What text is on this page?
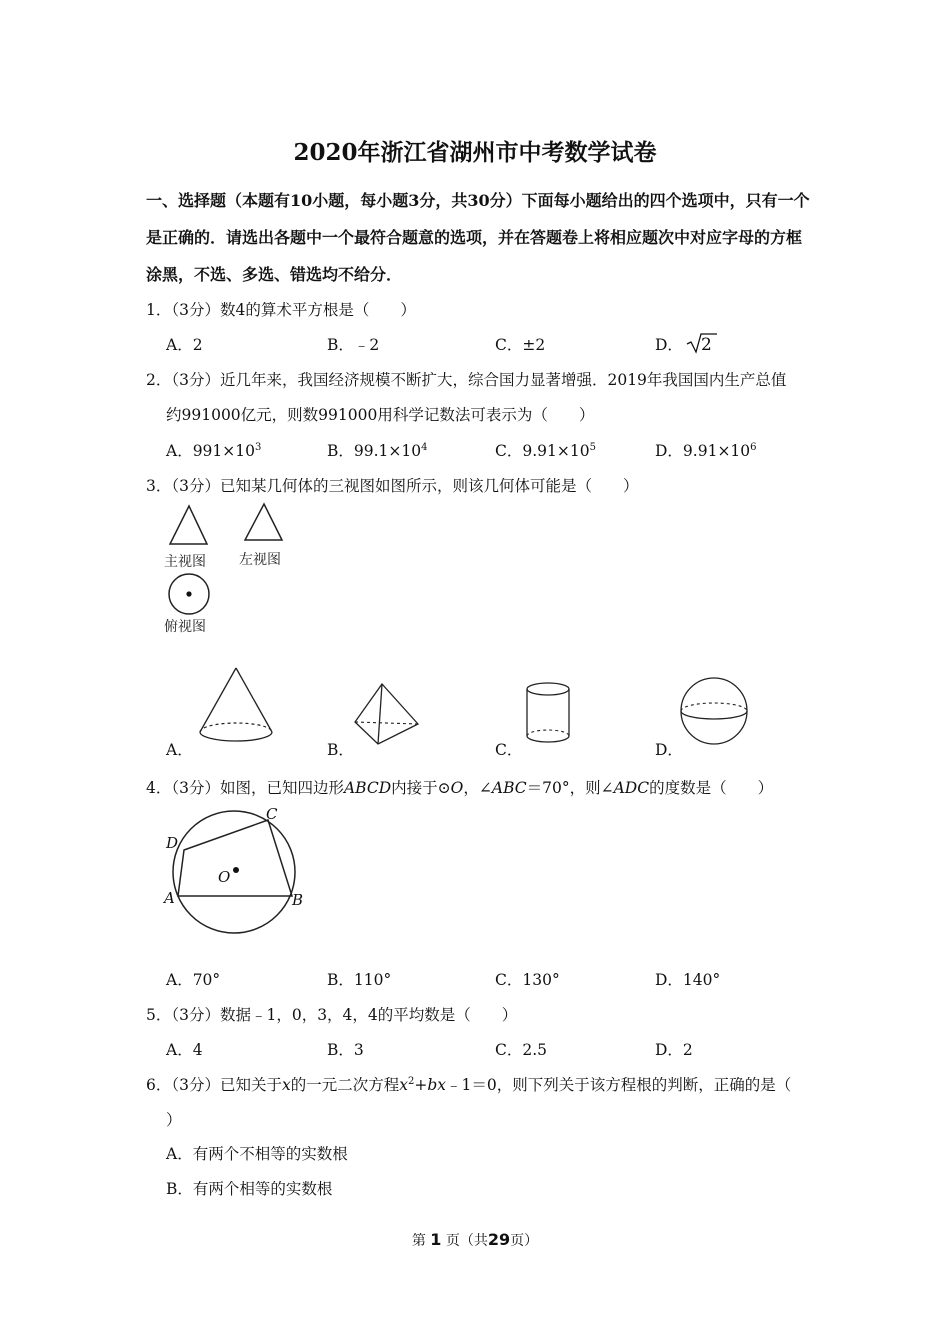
2020年浙江省湖州市中考数学试卷
一、选择题（本题有10小题，每小题3分，共30分）下面每小题给出的四个选项中，只有一个是正确的．请选出各题中一个最符合题意的选项，并在答题卷上将相应题次中对应字母的方框涂黑，不选、多选、错选均不给分．
1．（3分）数4的算术平方根是（　　）
A．2	B．﹣2	C．±2	D． 2
2．（3分）近几年来，我国经济规模不断扩大，综合国力显著增强．2019年我国国内生产总值
约991000亿元，则数991000用科学记数法可表示为（　　）
A．$991\times 10^3$	B．$99.1\times 10^4$	C．$9.91\times 10^5$	D．$9.91\times 10^6$
3．（3分）已知某几何体的三视图如图所示，则该几何体可能是（　　）
主视图 左视图
俯视图
A．	B．	C．	D．
4．（3分）如图，已知四边形ABCD内接于⊙O，∠ABC＝70°，则∠ADC的度数是（　　）
D
C
O
A	B
A．70°	B．110°	C．130°	D．140°
5．（3分）数据﹣1，0，3，4，4的平均数是（　　）
A．4	B．3	C．2.5	D．2
6．（3分）已知关于x的一元二次方程$x^2+bx﹣1=0$，则下列关于该方程根的判断，正确的是（
）
A．有两个不相等的实数根
B．有两个相等的实数根
第 1 页（共29页）
